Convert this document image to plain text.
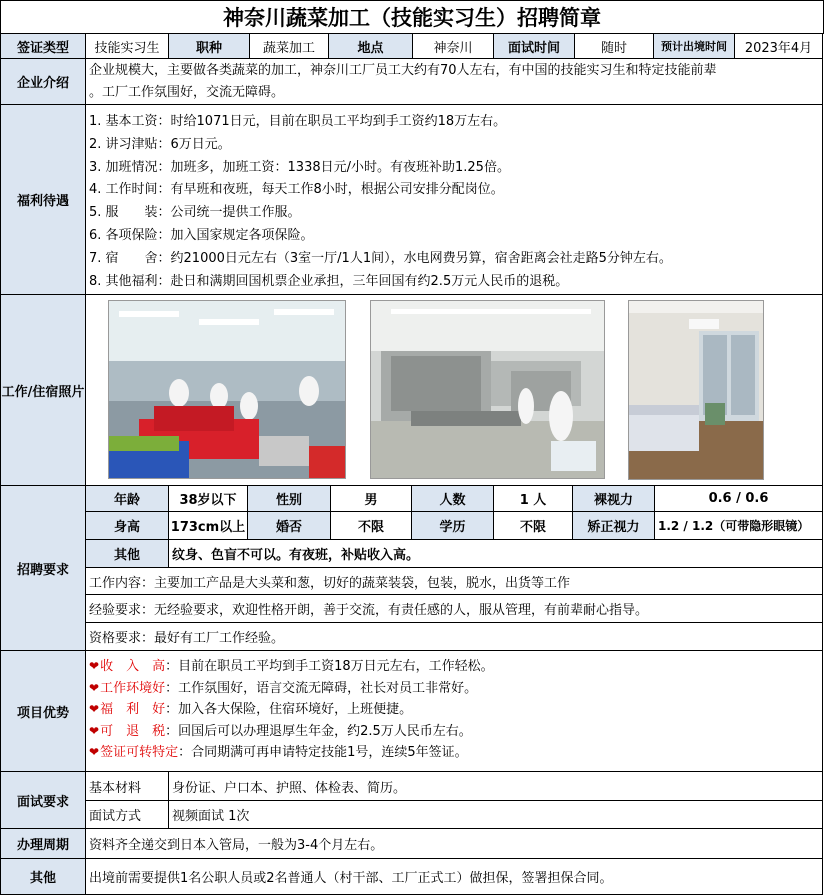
神奈川蔬菜加工（技能实习生）招聘简章
签证类型	技能实习生	职种	蔬菜加工	地点	神奈川	面试时间	随时	预计出境时间	2023年4月
企业介绍
企业规模大，主要做各类蔬菜的加工，神奈川工厂员工大约有70人左右，有中国的技能实习生和特定技能前辈
。工厂工作氛围好，交流无障碍。
福利待遇
1. 基本工资：时给1071日元，目前在职员工平均到手工资约18万左右。
2. 讲习津贴：6万日元。
3. 加班情况：加班多，加班工资：1338日元/小时。有夜班补助1.25倍。
4. 工作时间：有早班和夜班，每天工作8小时，根据公司安排分配岗位。
5. 服　　装：公司统一提供工作服。
6. 各项保险：加入国家规定各项保险。
7. 宿　　舍：约21000日元左右（3室一厅/1人1间），水电网费另算，宿舍距离会社走路5分钟左右。
8. 其他福利：赴日和满期回国机票企业承担，三年回国有约2.5万元人民币的退税。
工作/住宿照片
招聘要求
年龄	38岁以下	性别	男	人数	1 人	裸视力	0.6 / 0.6
身高	173cm以上	婚否	不限	学历	不限	矫正视力	1.2 / 1.2（可带隐形眼镜）
其他	纹身、色盲不可以。有夜班，补贴收入高。
工作内容：主要加工产品是大头菜和葱，切好的蔬菜装袋，包装，脱水，出货等工作
经验要求：无经验要求，欢迎性格开朗，善于交流，有责任感的人，服从管理，有前辈耐心指导。
资格要求：最好有工厂工作经验。
项目优势
❤收　入　高：目前在职员工平均到手工资18万日元左右，工作轻松。
❤工作环境好：工作氛围好，语言交流无障碍，社长对员工非常好。
❤福　利　好：加入各大保险，住宿环境好，上班便捷。
❤可　退　税：回国后可以办理退厚生年金，约2.5万人民币左右。
❤签证可转特定：合同期满可再申请特定技能1号，连续5年签证。
面试要求
基本材料	身份证、户口本、护照、体检表、简历。
面试方式	视频面试 1次
办理周期	资料齐全递交到日本入管局，一般为3-4个月左右。
其他	出境前需要提供1名公职人员或2名普通人（村干部、工厂正式工）做担保，签署担保合同。
